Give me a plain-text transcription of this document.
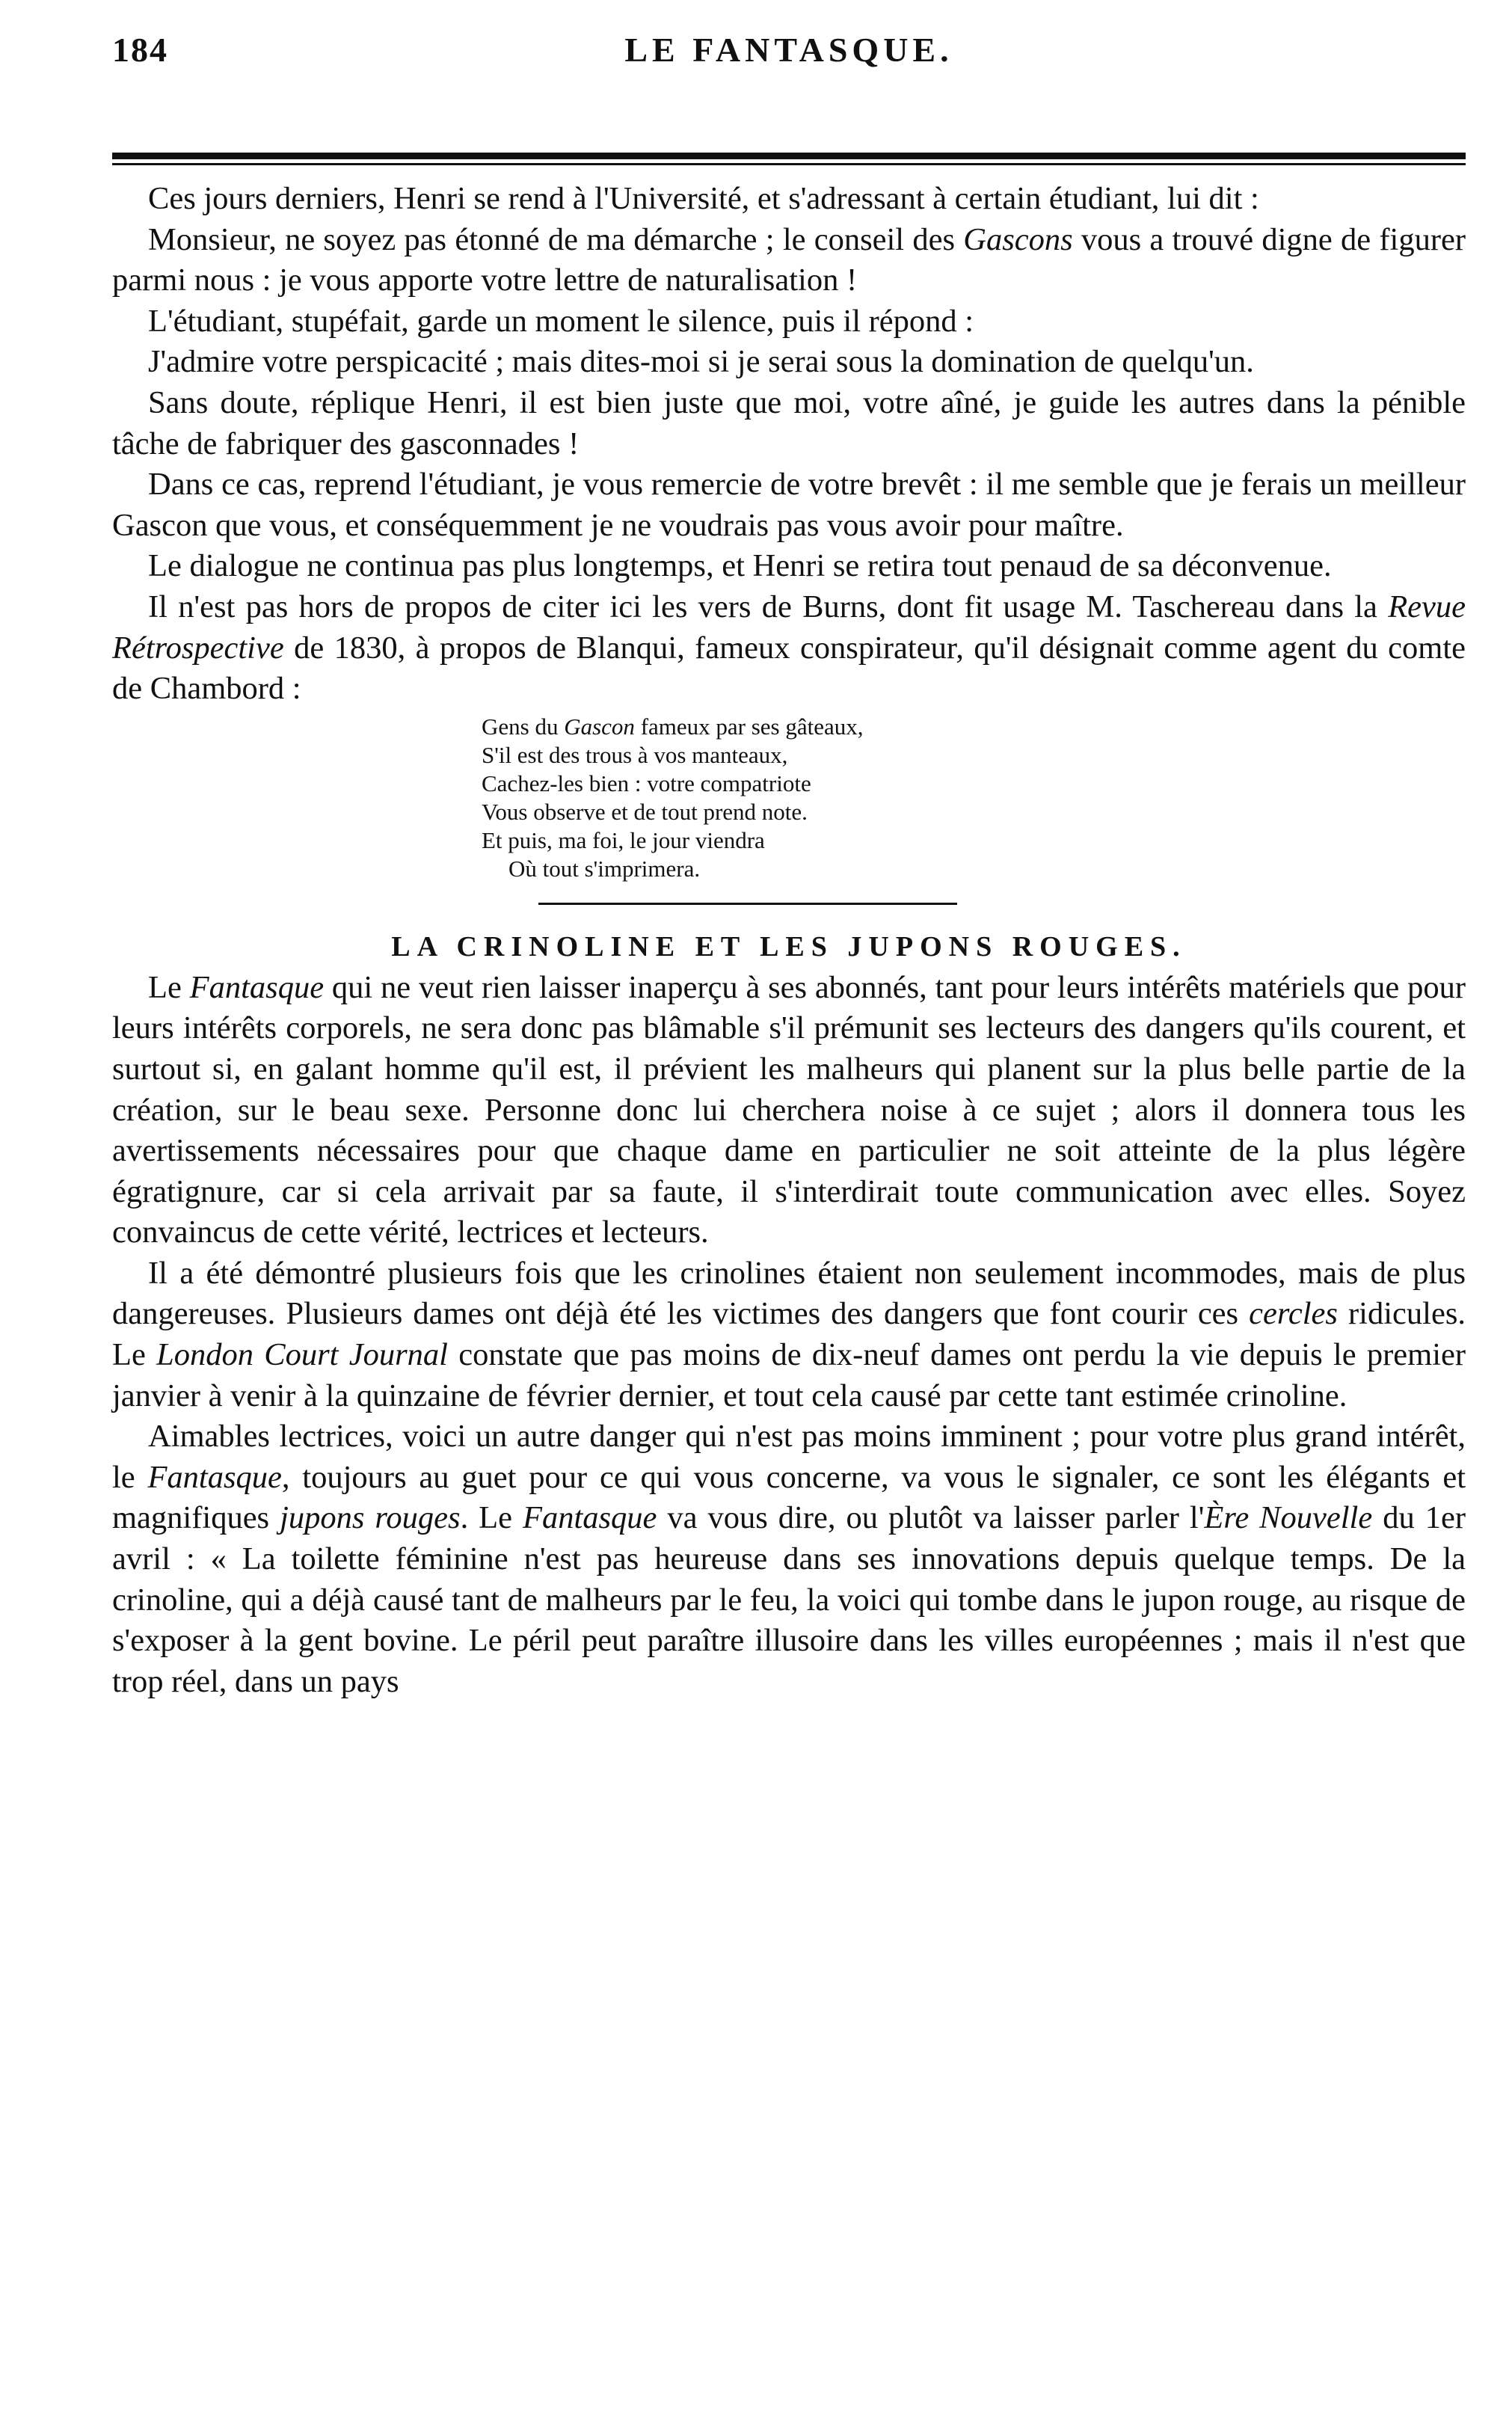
184	LE FANTASQUE.

Ces jours derniers, Henri se rend à l'Université, et s'adressant à certain étudiant, lui dit :

Monsieur, ne soyez pas étonné de ma démarche ; le conseil des Gascons vous a trouvé digne de figurer parmi nous : je vous apporte votre lettre de naturalisation !

L'étudiant, stupéfait, garde un moment le silence, puis il répond :

J'admire votre perspicacité ; mais dites-moi si je serai sous la domination de quelqu'un.

Sans doute, réplique Henri, il est bien juste que moi, votre aîné, je guide les autres dans la pénible tâche de fabriquer des gasconnades !

Dans ce cas, reprend l'étudiant, je vous remercie de votre brevêt : il me semble que je ferais un meilleur Gascon que vous, et conséquemment je ne voudrais pas vous avoir pour maître.

Le dialogue ne continua pas plus longtemps, et Henri se retira tout penaud de sa déconvenue.

Il n'est pas hors de propos de citer ici les vers de Burns, dont fit usage M. Taschereau dans la Revue Rétrospective de 1830, à propos de Blanqui, fameux conspirateur, qu'il désignait comme agent du comte de Chambord :

Gens du Gascon fameux par ses gâteaux,
S'il est des trous à vos manteaux,
Cachez-les bien : votre compatriote
Vous observe et de tout prend note.
Et puis, ma foi, le jour viendra
Où tout s'imprimera.
LA CRINOLINE ET LES JUPONS ROUGES.

Le Fantasque qui ne veut rien laisser inaperçu à ses abonnés, tant pour leurs intérêts matériels que pour leurs intérêts corporels, ne sera donc pas blâmable s'il prémunit ses lecteurs des dangers qu'ils courent, et surtout si, en galant homme qu'il est, il prévient les malheurs qui planent sur la plus belle partie de la création, sur le beau sexe. Personne donc lui cherchera noise à ce sujet ; alors il donnera tous les avertissements nécessaires pour que chaque dame en particulier ne soit atteinte de la plus légère égratignure, car si cela arrivait par sa faute, il s'interdirait toute communication avec elles. Soyez convaincus de cette vérité, lectrices et lecteurs.

Il a été démontré plusieurs fois que les crinolines étaient non seulement incommodes, mais de plus dangereuses. Plusieurs dames ont déjà été les victimes des dangers que font courir ces cercles ridicules. Le London Court Journal constate que pas moins de dix-neuf dames ont perdu la vie depuis le premier janvier à venir à la quinzaine de février dernier, et tout cela causé par cette tant estimée crinoline.

Aimables lectrices, voici un autre danger qui n'est pas moins imminent ; pour votre plus grand intérêt, le Fantasque, toujours au guet pour ce qui vous concerne, va vous le signaler, ce sont les élégants et magnifiques jupons rouges. Le Fantasque va vous dire, ou plutôt va laisser parler l'Ère Nouvelle du 1er avril : « La toilette féminine n'est pas heureuse dans ses innovations depuis quelque temps. De la crinoline, qui a déjà causé tant de malheurs par le feu, la voici qui tombe dans le jupon rouge, au risque de s'exposer à la gent bovine. Le péril peut paraître illusoire dans les villes européennes ; mais il n'est que trop réel, dans un pays
